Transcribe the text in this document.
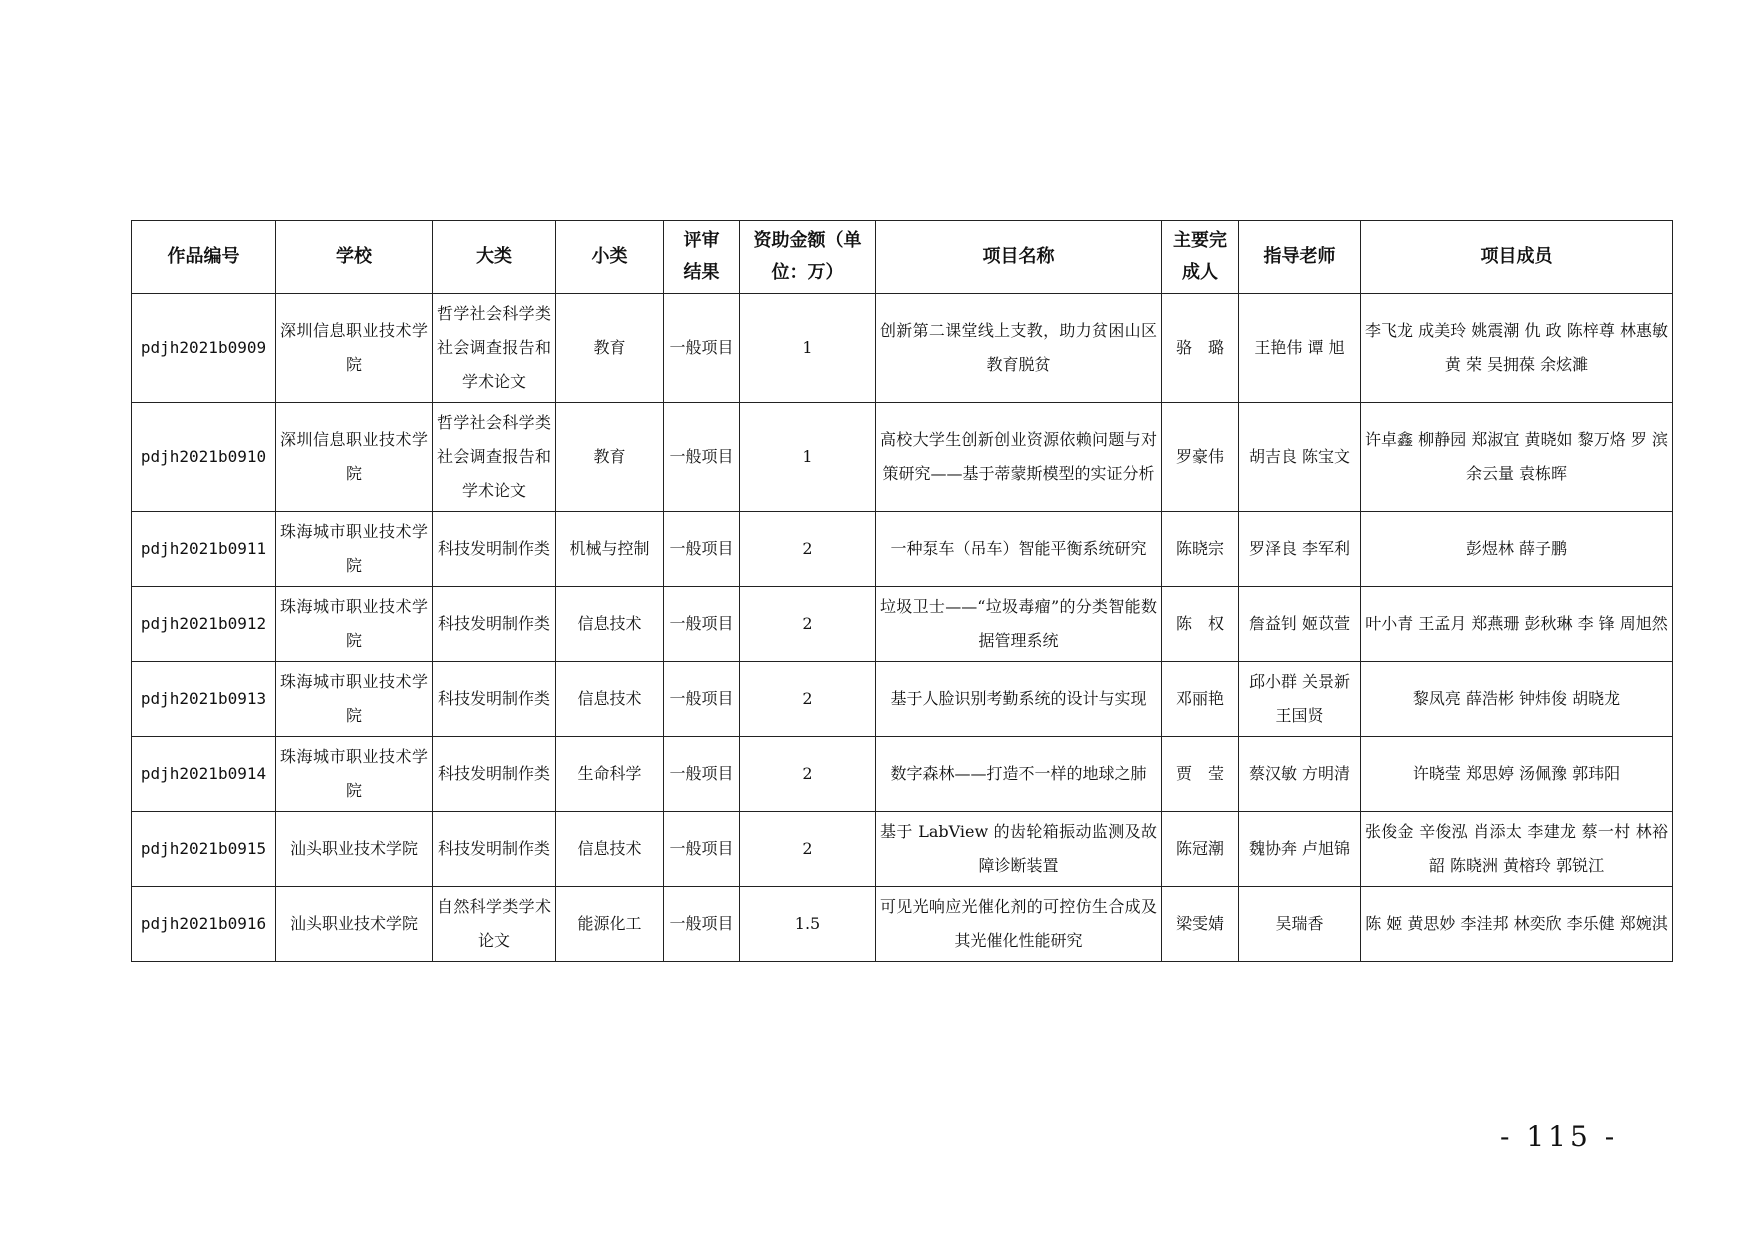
作品编号	学校	大类	小类	评审结果	资助金额（单位：万）	项目名称	主要完成人	指导老师	项目成员
pdjh2021b0909	深圳信息职业技术学院	哲学社会科学类社会调查报告和学术论文	教育	一般项目	1	创新第二课堂线上支教，助力贫困山区教育脱贫	骆　璐	王艳伟 谭 旭	李飞龙 成美玲 姚震潮 仇 政 陈梓尊 林惠敏 黄 荣 吴拥葆 余炫濉
pdjh2021b0910	深圳信息职业技术学院	哲学社会科学类社会调查报告和学术论文	教育	一般项目	1	高校大学生创新创业资源依赖问题与对策研究——基于蒂蒙斯模型的实证分析	罗豪伟	胡吉良 陈宝文	许卓鑫 柳静园 郑淑宜 黄晓如 黎万烙 罗 滨 余云量 袁栋晖
pdjh2021b0911	珠海城市职业技术学院	科技发明制作类	机械与控制	一般项目	2	一种泵车（吊车）智能平衡系统研究	陈晓宗	罗泽良 李军利	彭煜林 薛子鹏
pdjh2021b0912	珠海城市职业技术学院	科技发明制作类	信息技术	一般项目	2	垃圾卫士——“垃圾毒瘤”的分类智能数据管理系统	陈　权	詹益钊 姬苡萱	叶小青 王孟月 郑燕珊 彭秋琳 李 锋 周旭然
pdjh2021b0913	珠海城市职业技术学院	科技发明制作类	信息技术	一般项目	2	基于人脸识别考勤系统的设计与实现	邓丽艳	邱小群 关景新 王国贤	黎凤亮 薛浩彬 钟炜俊 胡晓龙
pdjh2021b0914	珠海城市职业技术学院	科技发明制作类	生命科学	一般项目	2	数字森林——打造不一样的地球之肺	贾　莹	蔡汉敏 方明清	许晓莹 郑思婷 汤佩豫 郭玮阳
pdjh2021b0915	汕头职业技术学院	科技发明制作类	信息技术	一般项目	2	基于 LabView 的齿轮箱振动监测及故障诊断装置	陈冠潮	魏协奔 卢旭锦	张俊金 辛俊泓 肖添太 李建龙 蔡一村 林裕韶 陈晓洲 黄榕玲 郭锐江
pdjh2021b0916	汕头职业技术学院	自然科学类学术论文	能源化工	一般项目	1.5	可见光响应光催化剂的可控仿生合成及其光催化性能研究	梁雯婧	吴瑞香	陈 姬 黄思妙 李洼邦 林奕欣 李乐健 郑婉淇
- 115 -
